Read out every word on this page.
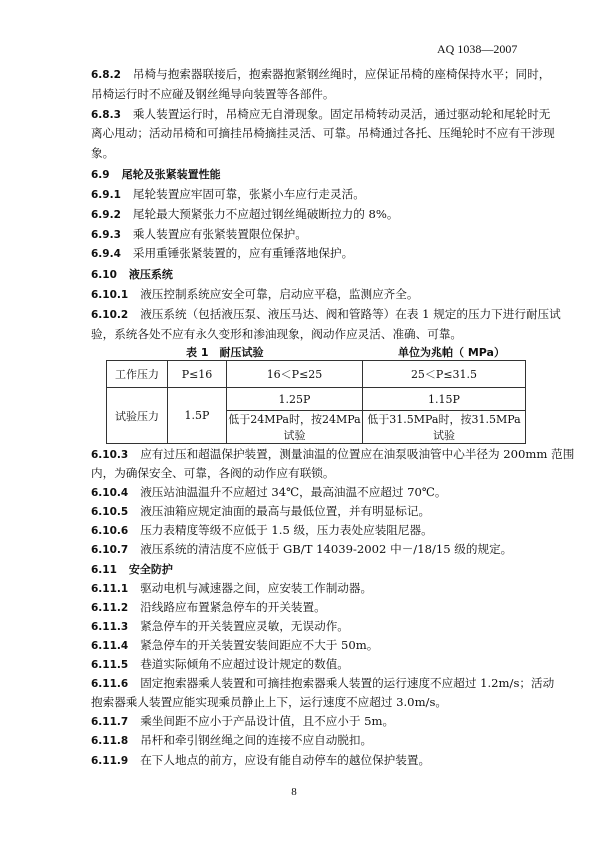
AQ 1038—2007
6.8.2 吊椅与抱索器联接后，抱索器抱紧钢丝绳时，应保证吊椅的座椅保持水平；同时，
吊椅运行时不应碰及钢丝绳导向装置等各部件。
6.8.3 乘人装置运行时，吊椅应无自滑现象。固定吊椅转动灵活，通过驱动轮和尾轮时无
离心甩动；活动吊椅和可摘挂吊椅摘挂灵活、可靠。吊椅通过各托、压绳轮时不应有干涉现
象。
6.9 尾轮及张紧装置性能
6.9.1 尾轮装置应牢固可靠，张紧小车应行走灵活。
6.9.2 尾轮最大预紧张力不应超过钢丝绳破断拉力的 8%。
6.9.3 乘人装置应有张紧装置限位保护。
6.9.4 采用重锤张紧装置的，应有重锤落地保护。
6.10 液压系统
6.10.1 液压控制系统应安全可靠，启动应平稳，监测应齐全。
6.10.2 液压系统（包括液压泵、液压马达、阀和管路等）在表 1 规定的压力下进行耐压试
验，系统各处不应有永久变形和渗油现象，阀动作应灵活、准确、可靠。
表 1　耐压试验	单位为兆帕（ MPa）
工作压力	P≤16	16＜P≤25	25＜P≤31.5
试验压力	1.5P	1.25P	1.15P
		低于24MPa时，按24MPa试验	低于31.5MPa时，按31.5MPa试验
6.10.3 应有过压和超温保护装置，测量油温的位置应在油泵吸油管中心半径为 200mm 范围
内，为确保安全、可靠，各阀的动作应有联锁。
6.10.4 液压站油温温升不应超过 34℃，最高油温不应超过 70℃。
6.10.5 液压油箱应规定油面的最高与最低位置，并有明显标记。
6.10.6 压力表精度等级不应低于 1.5 级，压力表处应装阻尼器。
6.10.7 液压系统的清洁度不应低于 GB/T 14039-2002 中－/18/15 级的规定。
6.11 安全防护
6.11.1 驱动电机与减速器之间，应安装工作制动器。
6.11.2 沿线路应布置紧急停车的开关装置。
6.11.3 紧急停车的开关装置应灵敏，无误动作。
6.11.4 紧急停车的开关装置安装间距应不大于 50m。
6.11.5 巷道实际倾角不应超过设计规定的数值。
6.11.6 固定抱索器乘人装置和可摘挂抱索器乘人装置的运行速度不应超过 1.2m/s；活动
抱索器乘人装置应能实现乘员静止上下，运行速度不应超过 3.0m/s。
6.11.7 乘坐间距不应小于产品设计值，且不应小于 5m。
6.11.8 吊杆和牵引钢丝绳之间的连接不应自动脱扣。
6.11.9 在下人地点的前方，应设有能自动停车的越位保护装置。
8
